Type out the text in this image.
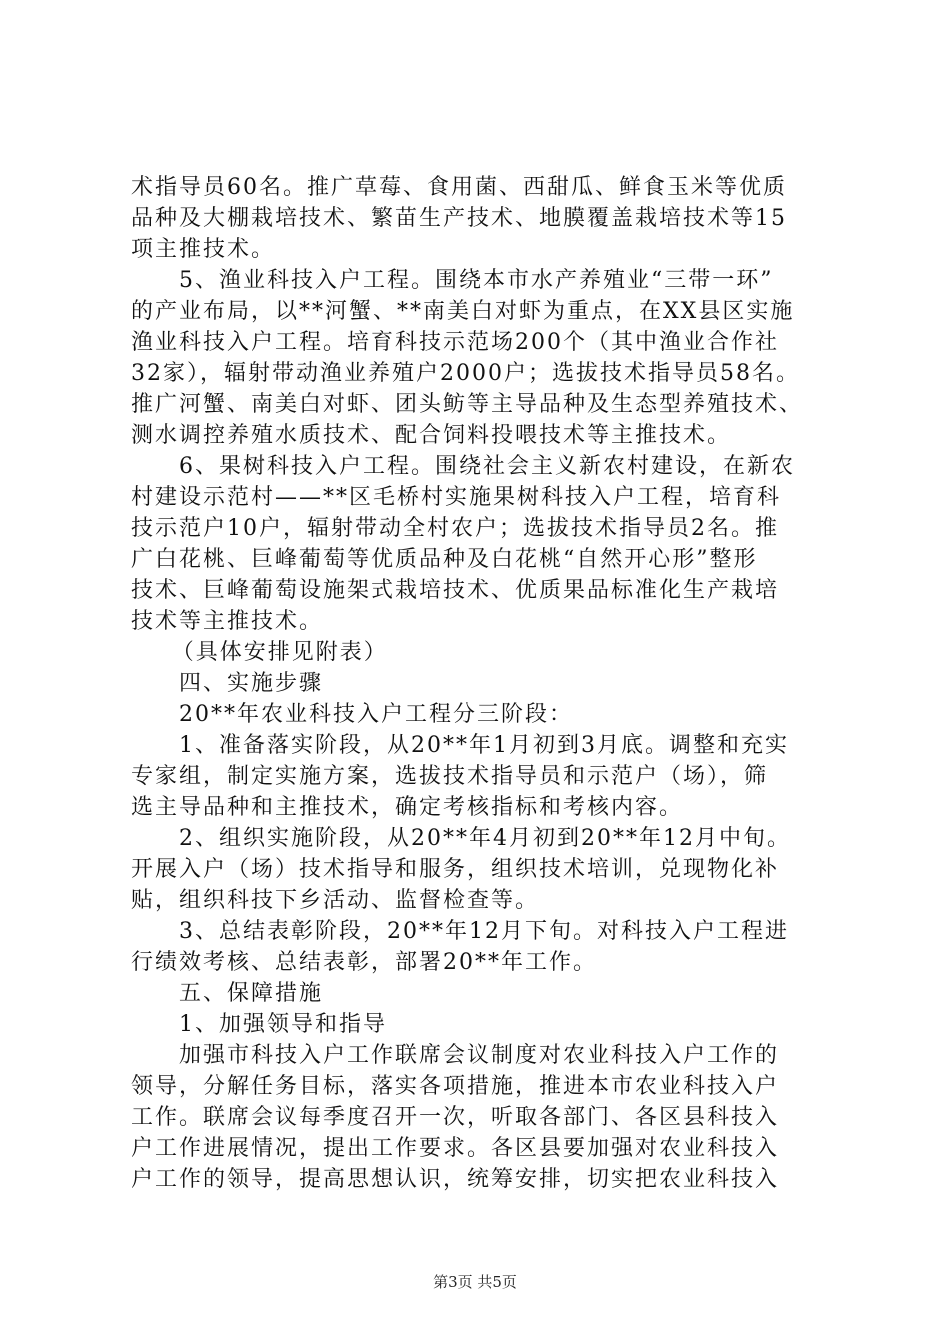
术指导员60名。推广草莓、食用菌、西甜瓜、鲜食玉米等优质
品种及大棚栽培技术、繁苗生产技术、地膜覆盖栽培技术等15
项主推技术。
5、渔业科技入户工程。围绕本市水产养殖业“三带一环”
的产业布局，以**河蟹、**南美白对虾为重点，在XX县区实施
渔业科技入户工程。培育科技示范场200个（其中渔业合作社
32家），辐射带动渔业养殖户2000户；选拔技术指导员58名。
推广河蟹、南美白对虾、团头鲂等主导品种及生态型养殖技术、
测水调控养殖水质技术、配合饲料投喂技术等主推技术。
6、果树科技入户工程。围绕社会主义新农村建设，在新农
村建设示范村——**区毛桥村实施果树科技入户工程，培育科
技示范户10户，辐射带动全村农户；选拔技术指导员2名。推
广白花桃、巨峰葡萄等优质品种及白花桃“自然开心形”整形
技术、巨峰葡萄设施架式栽培技术、优质果品标准化生产栽培
技术等主推技术。
（具体安排见附表）
四、实施步骤
20**年农业科技入户工程分三阶段：
1、准备落实阶段，从20**年1月初到3月底。调整和充实
专家组，制定实施方案，选拔技术指导员和示范户（场），筛
选主导品种和主推技术，确定考核指标和考核内容。
2、组织实施阶段，从20**年4月初到20**年12月中旬。
开展入户（场）技术指导和服务，组织技术培训，兑现物化补
贴，组织科技下乡活动、监督检查等。
3、总结表彰阶段，20**年12月下旬。对科技入户工程进
行绩效考核、总结表彰，部署20**年工作。
五、保障措施
1、加强领导和指导
加强市科技入户工作联席会议制度对农业科技入户工作的
领导，分解任务目标，落实各项措施，推进本市农业科技入户
工作。联席会议每季度召开一次，听取各部门、各区县科技入
户工作进展情况，提出工作要求。各区县要加强对农业科技入
户工作的领导，提高思想认识，统筹安排，切实把农业科技入
第3页 共5页
